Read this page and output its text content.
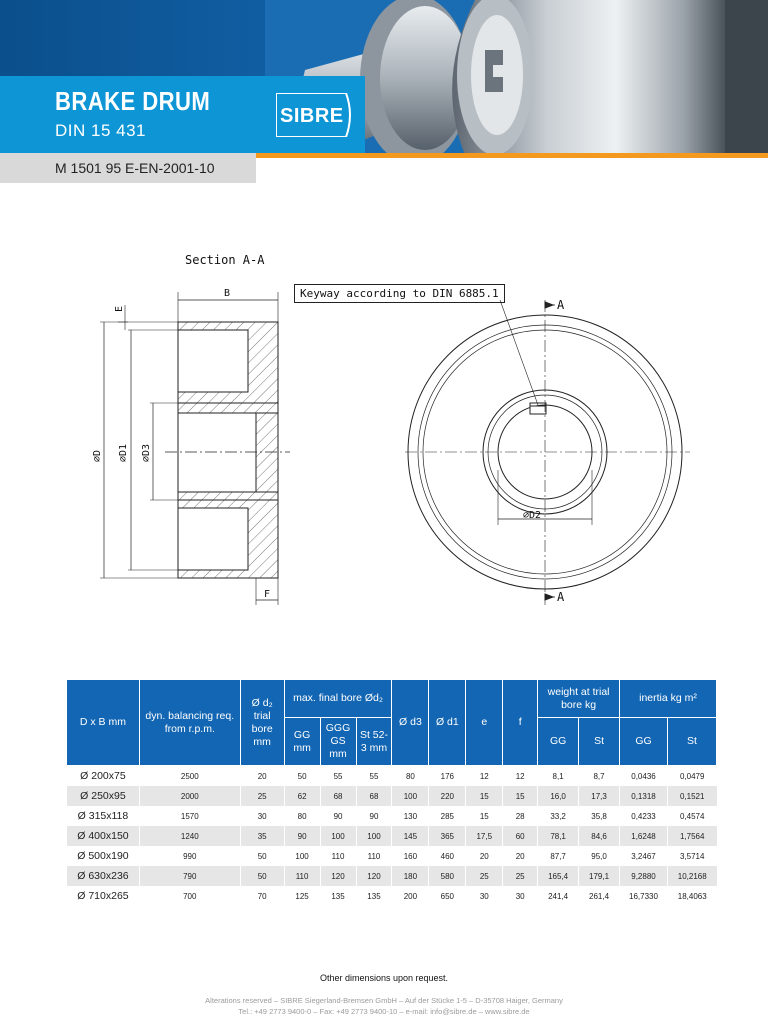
BRAKE DRUM
DIN 15 431
M 1501 95 E-EN-2001-10
SIBRE
Section A-A
Keyway according to DIN 6885.1
B
E
F
∅D ∅D1 ∅D3
∅D2
A
A
D x B mm	dyn. balancing req. from r.p.m.	Ø d₂ trial bore mm	max. final bore Ød₂			Ø d3	Ø d1	e	f	weight at trial bore kg		inertia kg m²	
			GG mm	GGG GS mm	St 52-3 mm					GG	St	GG	St
Ø 200x75	2500	20	50	55	55	80	176	12	12	8,1	8,7	0,0436	0,0479
Ø 250x95	2000	25	62	68	68	100	220	15	15	16,0	17,3	0,1318	0,1521
Ø 315x118	1570	30	80	90	90	130	285	15	28	33,2	35,8	0,4233	0,4574
Ø 400x150	1240	35	90	100	100	145	365	17,5	60	78,1	84,6	1,6248	1,7564
Ø 500x190	990	50	100	110	110	160	460	20	20	87,7	95,0	3,2467	3,5714
Ø 630x236	790	50	110	120	120	180	580	25	25	165,4	179,1	9,2880	10,2168
Ø 710x265	700	70	125	135	135	200	650	30	30	241,4	261,4	16,7330	18,4063
Other dimensions upon request.
Alterations reserved – SIBRE Siegerland-Bremsen GmbH – Auf der Stücke 1-5 – D-35708 Haiger, Germany
Tel.: +49 2773 9400-0 – Fax: +49 2773 9400-10 – e-mail: info@sibre.de – www.sibre.de
